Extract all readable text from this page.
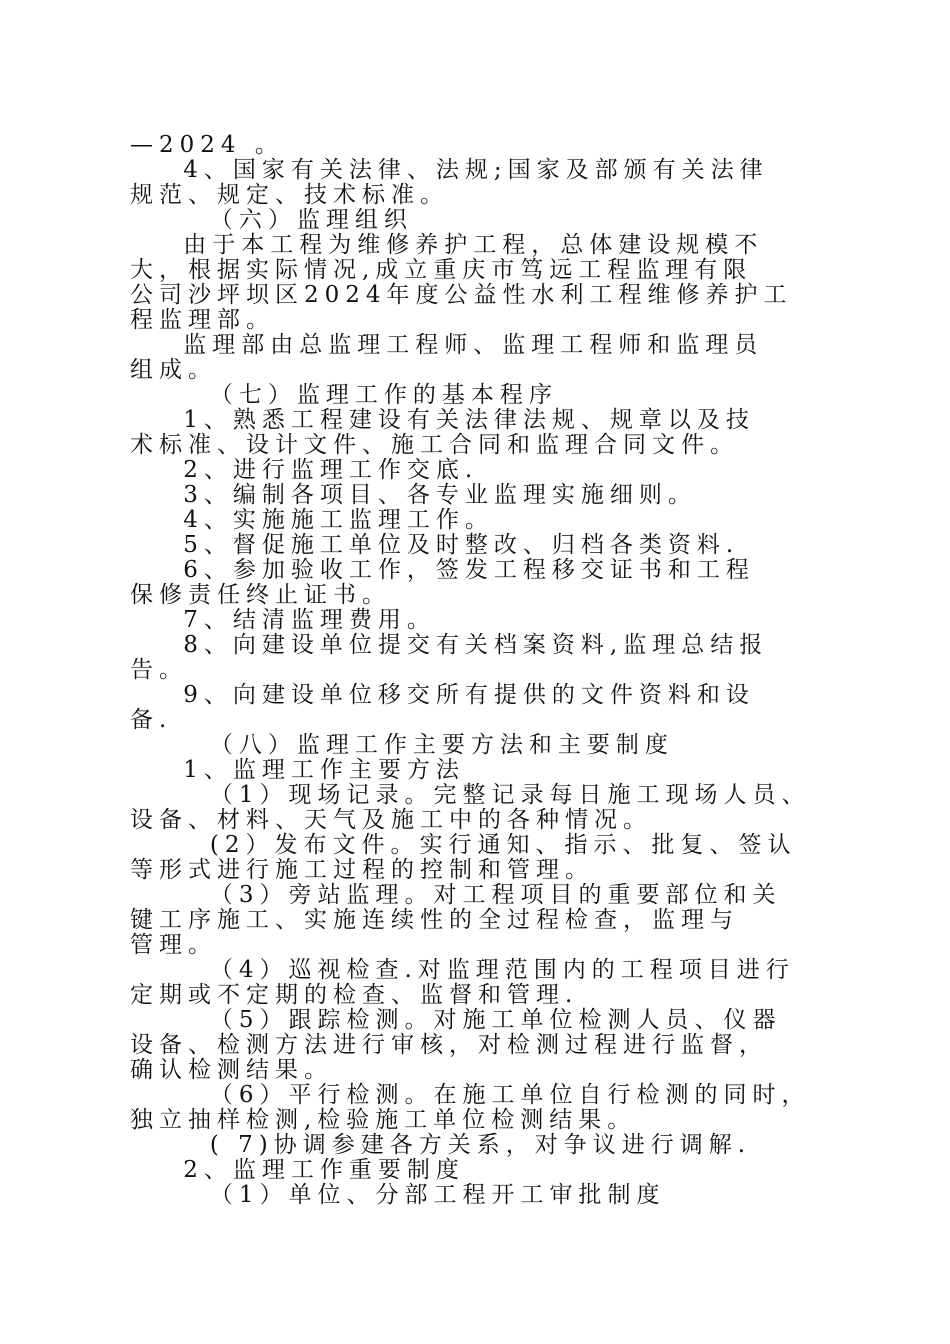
—2024 。
4、国家有关法律、法规;国家及部颁有关法律
规范、规定、技术标准。
（六）监理组织
由于本工程为维修养护工程，总体建设规模不
大，根据实际情况,成立重庆市笃远工程监理有限
公司沙坪坝区2024年度公益性水利工程维修养护工
程监理部。
监理部由总监理工程师、监理工程师和监理员
组成。
（七）监理工作的基本程序
1、熟悉工程建设有关法律法规、规章以及技
术标准、设计文件、施工合同和监理合同文件。
2、进行监理工作交底.
3、编制各项目、各专业监理实施细则。
4、实施施工监理工作。
5、督促施工单位及时整改、归档各类资料.
6、参加验收工作，签发工程移交证书和工程
保修责任终止证书。
7、结清监理费用。
8、向建设单位提交有关档案资料,监理总结报
告。
9、向建设单位移交所有提供的文件资料和设
备.
（八）监理工作主要方法和主要制度
1、监理工作主要方法
（1）现场记录。完整记录每日施工现场人员、
设备、材料、天气及施工中的各种情况。
(2）发布文件。实行通知、指示、批复、签认
等形式进行施工过程的控制和管理。
（3）旁站监理。对工程项目的重要部位和关
键工序施工、实施连续性的全过程检查，监理与
管理。
（4）巡视检查.对监理范围内的工程项目进行
定期或不定期的检查、监督和管理.
（5）跟踪检测。对施工单位检测人员、仪器
设备、检测方法进行审核，对检测过程进行监督，
确认检测结果。
（6）平行检测。在施工单位自行检测的同时，
独立抽样检测,检验施工单位检测结果。
( 7)协调参建各方关系，对争议进行调解.
2、监理工作重要制度
（1）单位、分部工程开工审批制度
